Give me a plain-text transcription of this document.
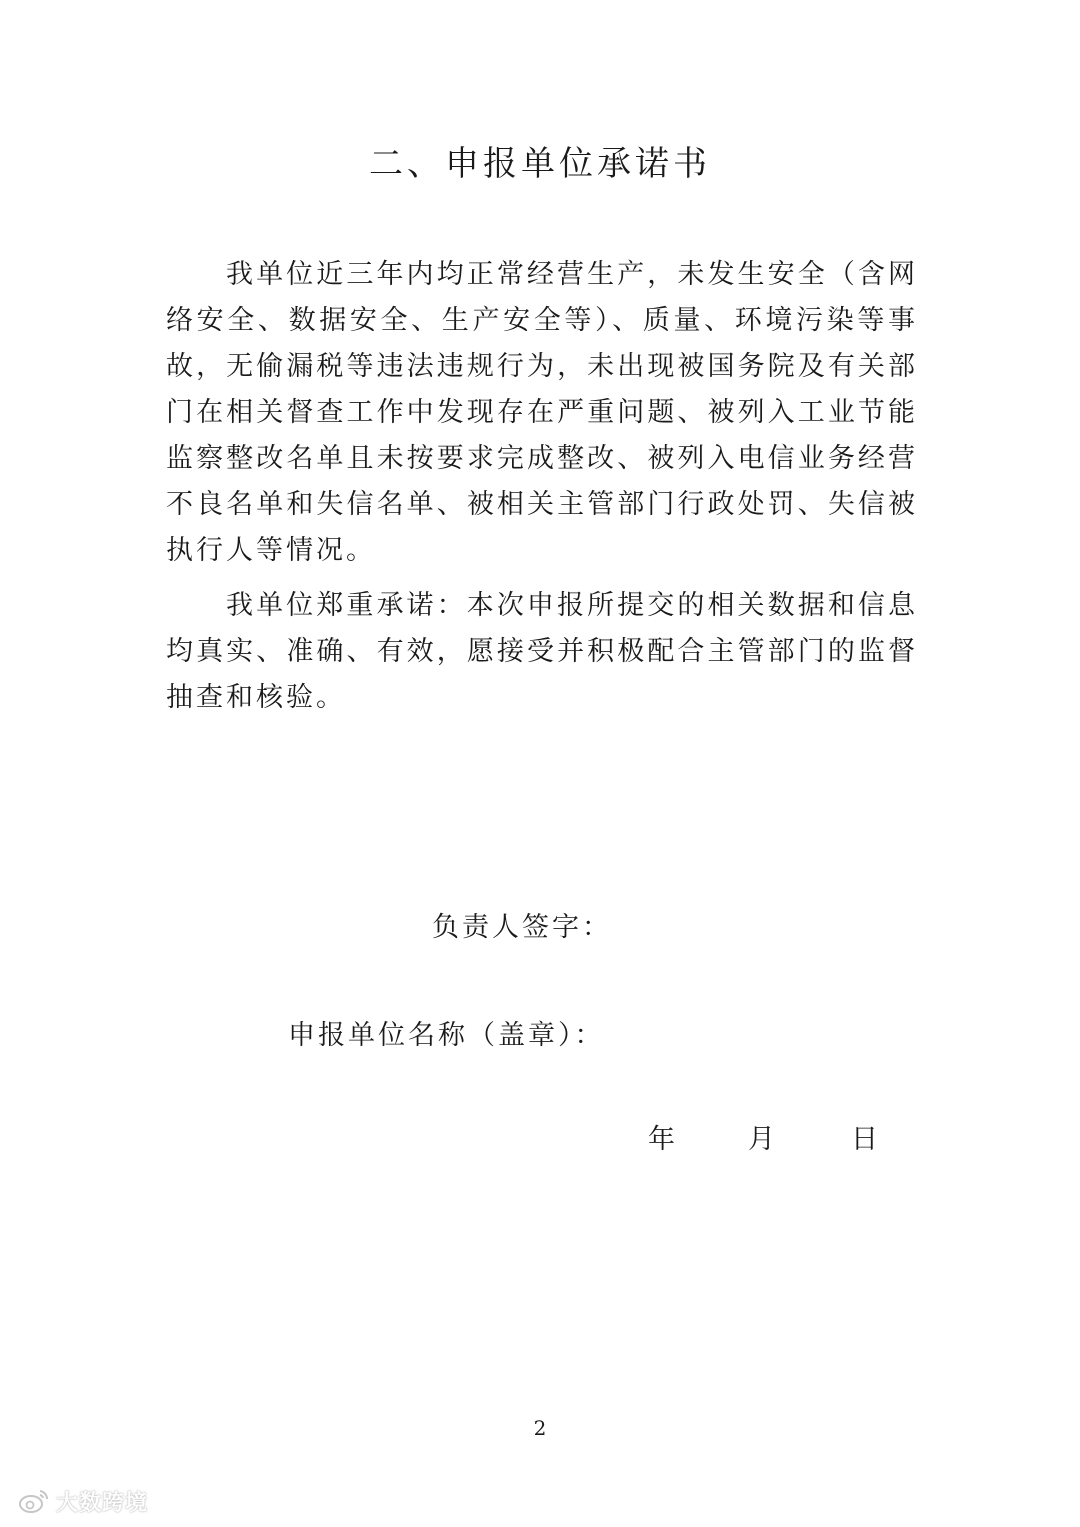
二、申报单位承诺书

我单位近三年内均正常经营生产，未发生安全（含网络安全、数据安全、生产安全等）、质量、环境污染等事故，无偷漏税等违法违规行为，未出现被国务院及有关部门在相关督查工作中发现存在严重问题、被列入工业节能监察整改名单且未按要求完成整改、被列入电信业务经营不良名单和失信名单、被相关主管部门行政处罚、失信被执行人等情况。

我单位郑重承诺：本次申报所提交的相关数据和信息均真实、准确、有效，愿接受并积极配合主管部门的监督抽查和核验。

负责人签字：
申报单位名称（盖章）：
年	月	日
2
大数跨境
